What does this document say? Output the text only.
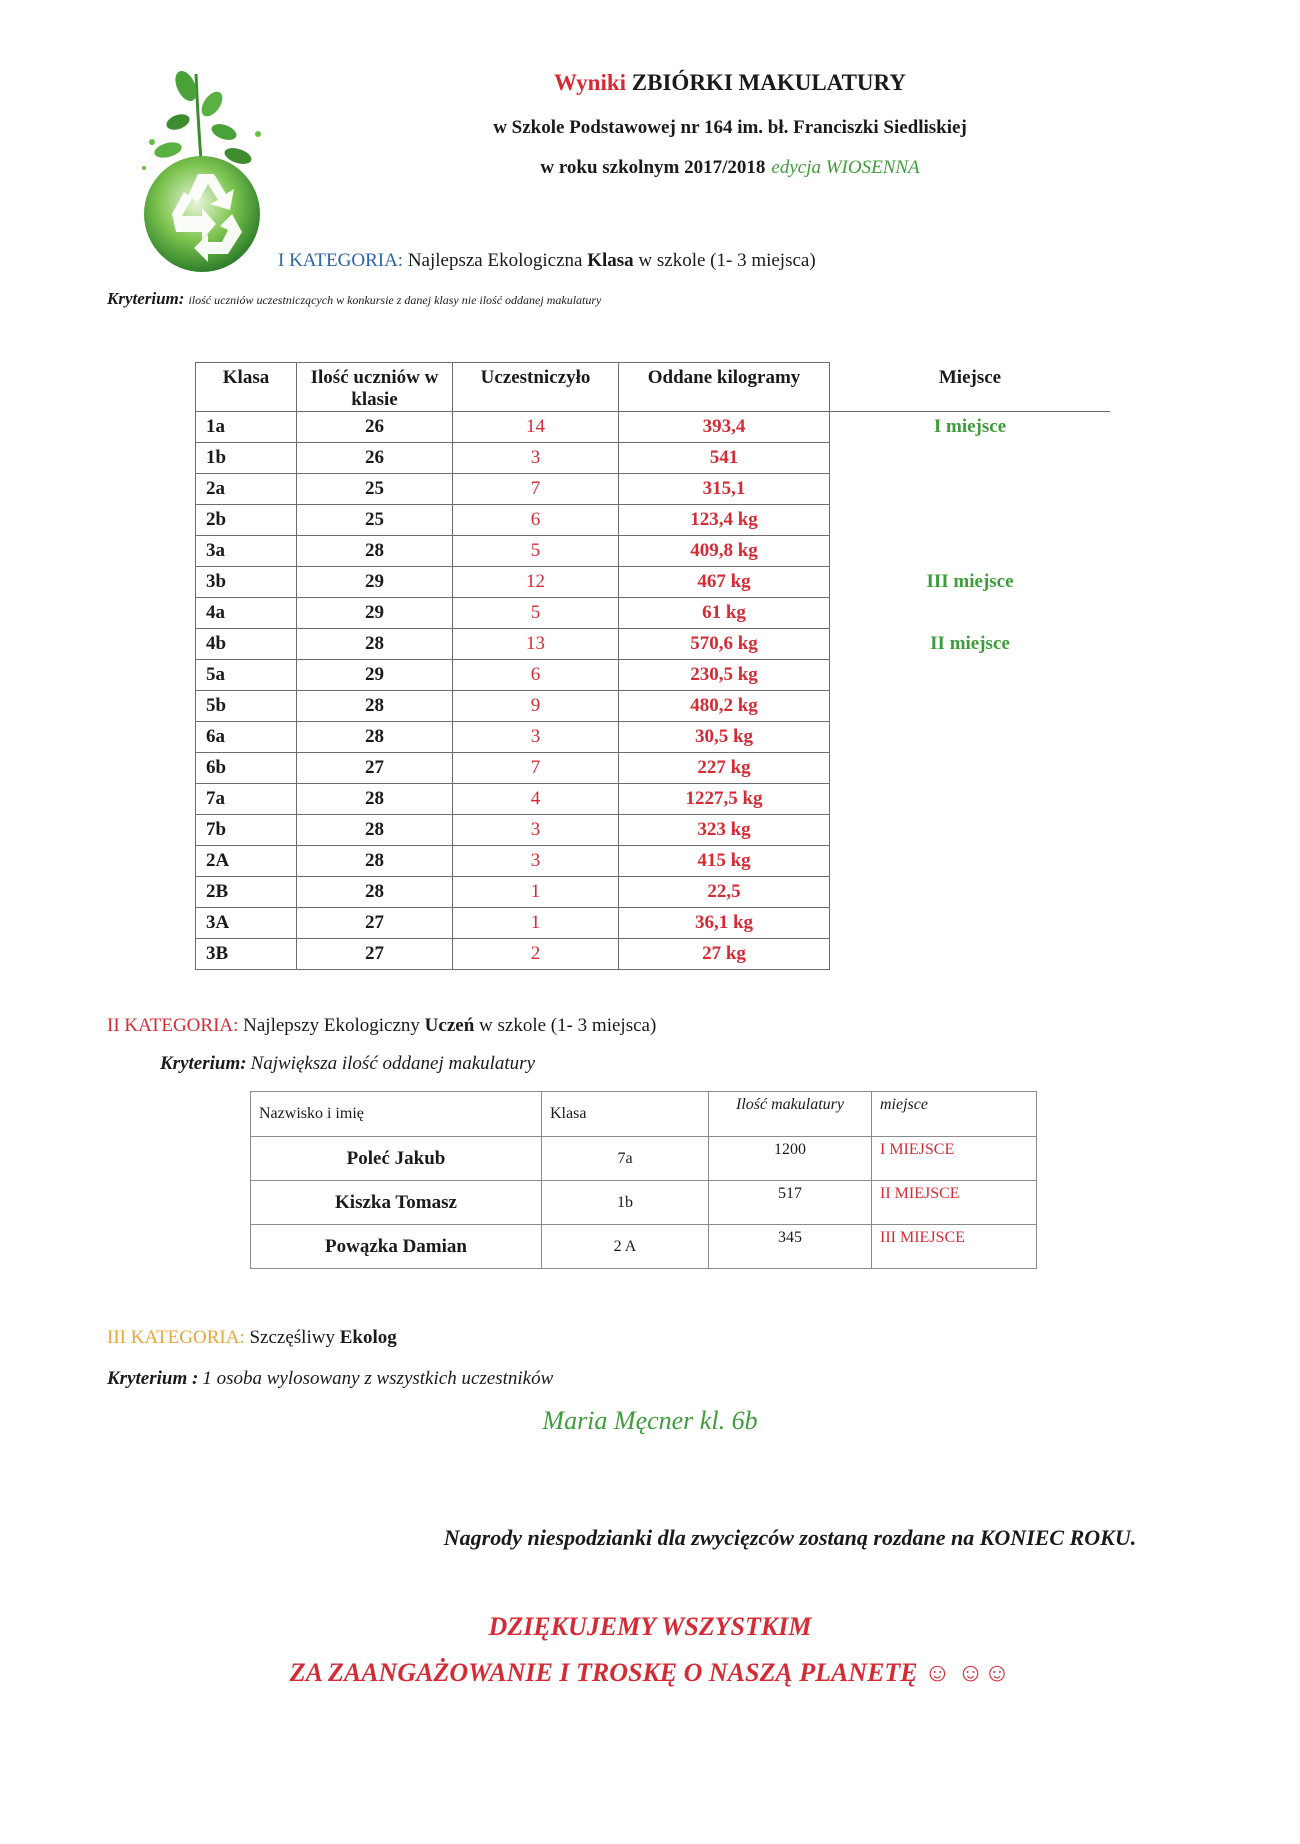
Wyniki ZBIÓRKI MAKULATURY
w Szkole Podstawowej nr 164 im. bł. Franciszki Siedliskiej
w roku szkolnym 2017/2018 edycja WIOSENNA
I KATEGORIA: Najlepsza Ekologiczna Klasa w szkole (1- 3 miejsca)
Kryterium: ilość uczniów uczestniczących w konkursie z danej klasy nie ilość oddanej makulatury
Klasa	Ilość uczniów w klasie	Uczestniczyło	Oddane kilogramy	Miejsce
1a	26	14	393,4	I miejsce
1b	26	3	541	
2a	25	7	315,1	
2b	25	6	123,4 kg	
3a	28	5	409,8 kg	
3b	29	12	467 kg	III miejsce
4a	29	5	61 kg	
4b	28	13	570,6 kg	II miejsce
5a	29	6	230,5 kg	
5b	28	9	480,2 kg	
6a	28	3	30,5 kg	
6b	27	7	227 kg	
7a	28	4	1227,5 kg	
7b	28	3	323 kg	
2A	28	3	415 kg	
2B	28	1	22,5	
3A	27	1	36,1 kg	
3B	27	2	27 kg	
II KATEGORIA: Najlepszy Ekologiczny Uczeń w szkole (1- 3 miejsca)
Kryterium: Największa ilość oddanej makulatury
Nazwisko i imię	Klasa	Ilość makulatury	miejsce
Poleć Jakub	7a	1200	I MIEJSCE
Kiszka Tomasz	1b	517	II MIEJSCE
Powązka Damian	2 A	345	III MIEJSCE
III KATEGORIA: Szczęśliwy Ekolog
Kryterium : 1 osoba wylosowany z wszystkich uczestników
Maria Męcner kl. 6b
Nagrody niespodzianki dla zwycięzców zostaną rozdane na KONIEC ROKU.
DZIĘKUJEMY WSZYSTKIM
ZA ZAANGAŻOWANIE I TROSKĘ O NASZĄ PLANETĘ ☺ ☺☺
